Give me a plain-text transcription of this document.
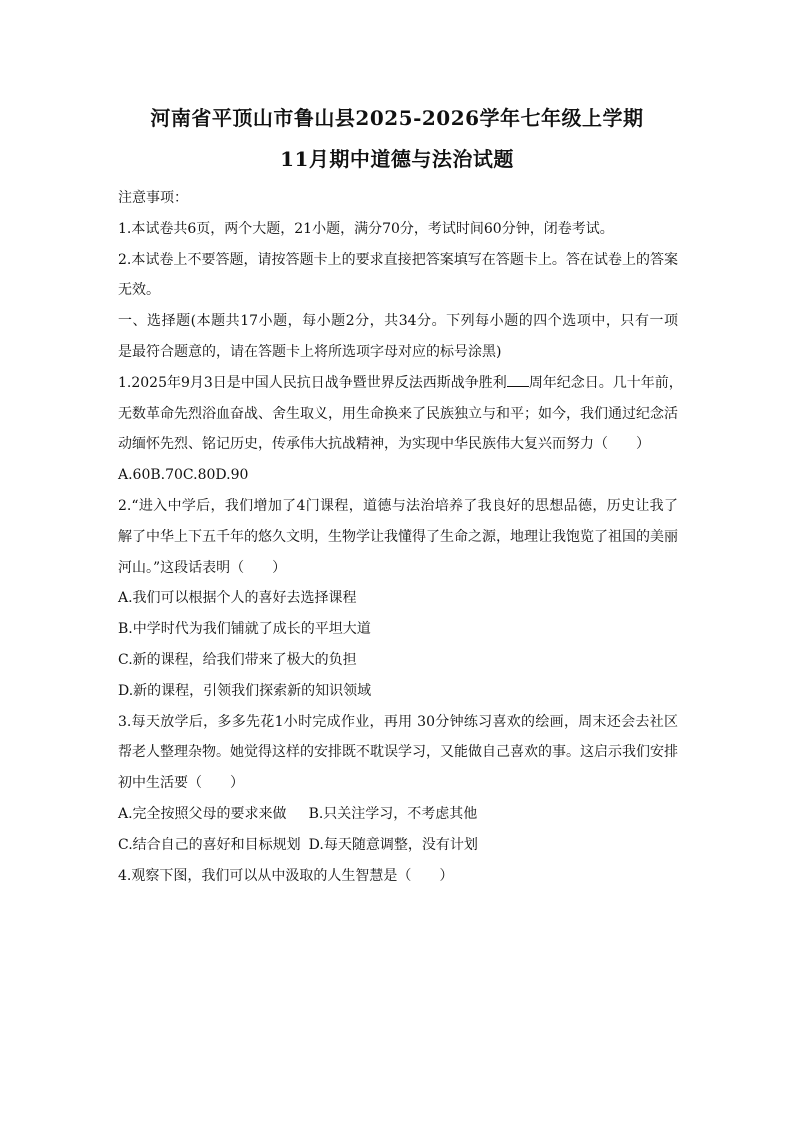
河南省平顶山市鲁山县2025-2026学年七年级上学期
11月期中道德与法治试题
注意事项：
1.本试卷共6页，两个大题，21小题，满分70分，考试时间60分钟，闭卷考试。
2.本试卷上不要答题，请按答题卡上的要求直接把答案填写在答题卡上。答在试卷上的答案
无效。
一、选择题(本题共17小题，每小题2分，共34分。下列每小题的四个选项中，只有一项
是最符合题意的，请在答题卡上将所选项字母对应的标号涂黑)
1.2025年9月3日是中国人民抗日战争暨世界反法西斯战争胜利 周年纪念日。几十年前，
无数革命先烈浴血奋战、舍生取义，用生命换来了民族独立与和平；如今，我们通过纪念活
动缅怀先烈、铭记历史，传承伟大抗战精神，为实现中华民族伟大复兴而努力（　　）
A.60B.70C.80D.90
2.“进入中学后，我们增加了4门课程，道德与法治培养了我良好的思想品德，历史让我了
解了中华上下五千年的悠久文明，生物学让我懂得了生命之源，地理让我饱览了祖国的美丽
河山。”这段话表明（　　）
A.我们可以根据个人的喜好去选择课程
B.中学时代为我们铺就了成长的平坦大道
C.新的课程，给我们带来了极大的负担
D.新的课程，引领我们探索新的知识领域
3.每天放学后，多多先花1小时完成作业，再用 30分钟练习喜欢的绘画，周末还会去社区
帮老人整理杂物。她觉得这样的安排既不耽误学习，又能做自己喜欢的事。这启示我们安排
初中生活要（　　）
A.完全按照父母的要求来做 B.只关注学习，不考虑其他
C.结合自己的喜好和目标规划 D.每天随意调整，没有计划
4.观察下图，我们可以从中汲取的人生智慧是（　　）
